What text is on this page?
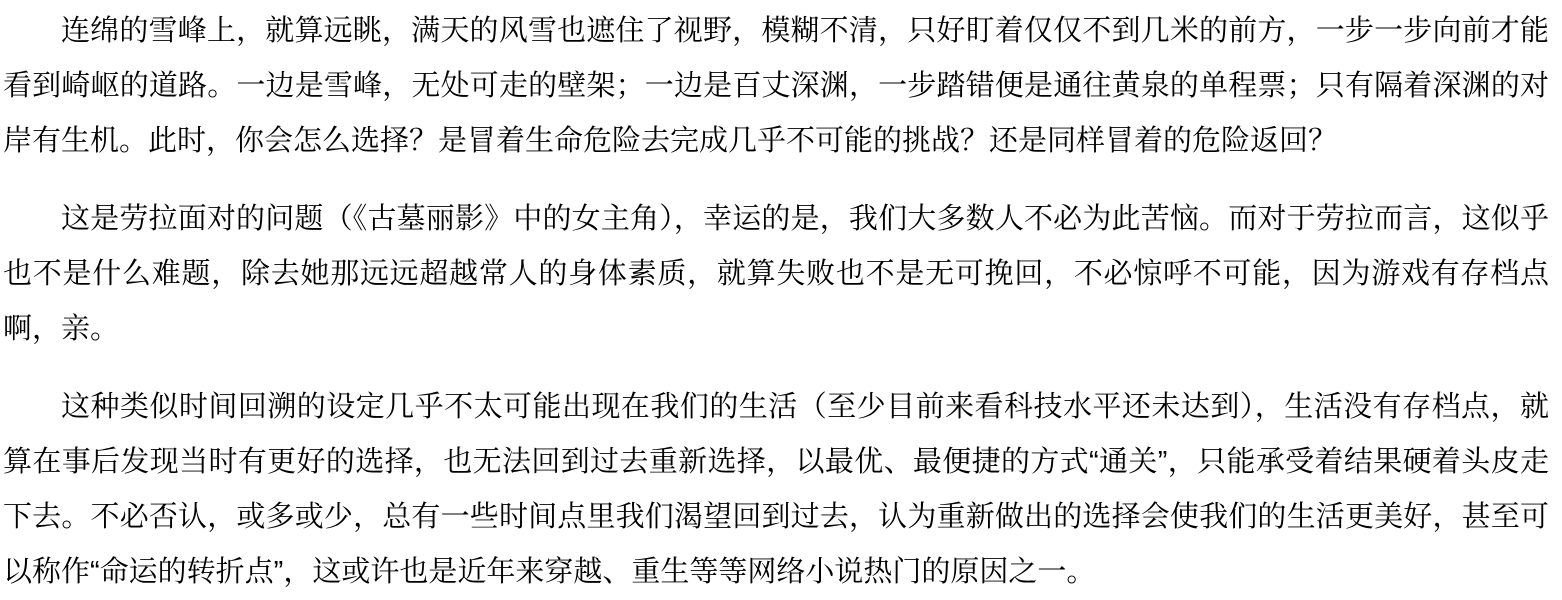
连绵的雪峰上，就算远眺，满天的风雪也遮住了视野，模糊不清，只好盯着仅仅不到几米的前方，一步一步向前才能看到崎岖的道路。一边是雪峰，无处可走的壁架；一边是百丈深渊，一步踏错便是通往黄泉的单程票；只有隔着深渊的对岸有生机。此时，你会怎么选择？是冒着生命危险去完成几乎不可能的挑战？还是同样冒着的危险返回？

这是劳拉面对的问题（《古墓丽影》中的女主角），幸运的是，我们大多数人不必为此苦恼。而对于劳拉而言，这似乎也不是什么难题，除去她那远远超越常人的身体素质，就算失败也不是无可挽回，不必惊呼不可能，因为游戏有存档点啊，亲。

这种类似时间回溯的设定几乎不太可能出现在我们的生活（至少目前来看科技水平还未达到），生活没有存档点，就算在事后发现当时有更好的选择，也无法回到过去重新选择，以最优、最便捷的方式“通关”，只能承受着结果硬着头皮走下去。不必否认，或多或少，总有一些时间点里我们渴望回到过去，认为重新做出的选择会使我们的生活更美好，甚至可以称作“命运的转折点”，这或许也是近年来穿越、重生等等网络小说热门的原因之一。
